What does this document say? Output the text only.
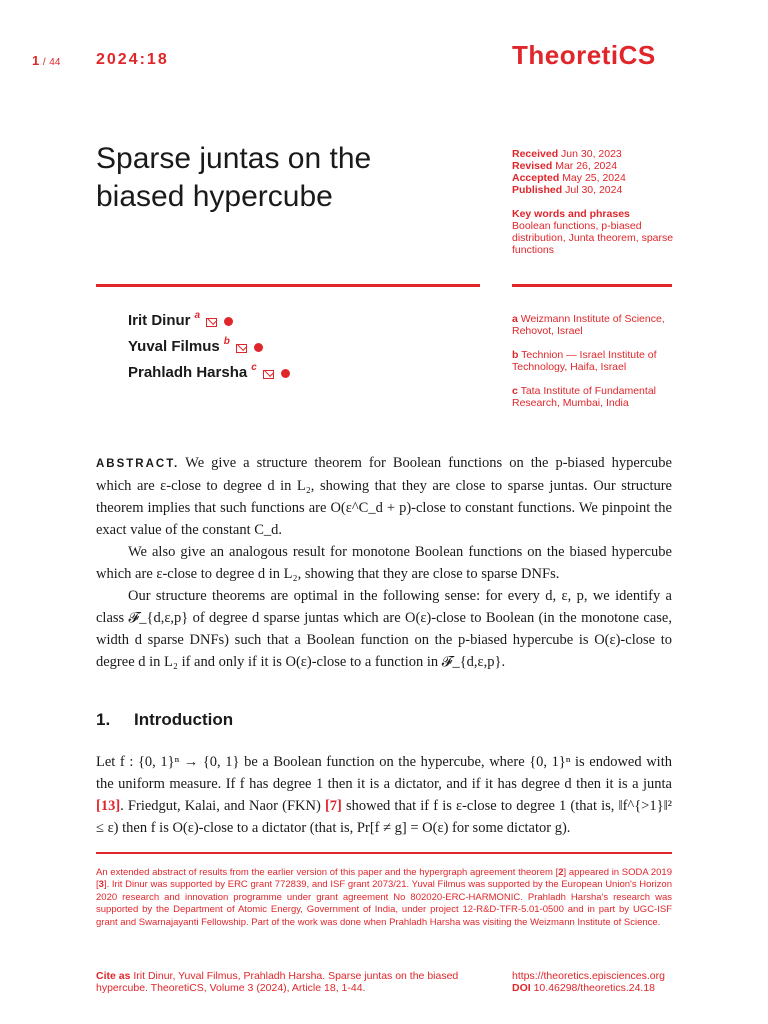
1 / 44 2024:18	TheoretiCS
Sparse juntas on the biased hypercube
Received Jun 30, 2023
Revised Mar 26, 2024
Accepted May 25, 2024
Published Jul 30, 2024
Key words and phrases
Boolean functions, p-biased distribution, Junta theorem, sparse functions
Irit Dinur a
Yuval Filmus b
Prahladh Harsha c
a Weizmann Institute of Science, Rehovot, Israel
b Technion — Israel Institute of Technology, Haifa, Israel
c Tata Institute of Fundamental Research, Mumbai, India

ABSTRACT. We give a structure theorem for Boolean functions on the p-biased hypercube which are ε-close to degree d in L₂, showing that they are close to sparse juntas. Our structure theorem implies that such functions are O(ε^C_d + p)-close to constant functions. We pinpoint the exact value of the constant C_d.

We also give an analogous result for monotone Boolean functions on the biased hypercube which are ε-close to degree d in L₂, showing that they are close to sparse DNFs.

Our structure theorems are optimal in the following sense: for every d, ε, p, we identify a class 𝓕_{d,ε,p} of degree d sparse juntas which are O(ε)-close to Boolean (in the monotone case, width d sparse DNFs) such that a Boolean function on the p-biased hypercube is O(ε)-close to degree d in L₂ if and only if it is O(ε)-close to a function in 𝓕_{d,ε,p}.

1. Introduction

Let f : {0, 1}ⁿ → {0, 1} be a Boolean function on the hypercube, where {0, 1}ⁿ is endowed with the uniform measure. If f has degree 1 then it is a dictator, and if it has degree d then it is a junta [13]. Friedgut, Kalai, and Naor (FKN) [7] showed that if f is ε-close to degree 1 (that is, ‖f^{>1}‖² ≤ ε) then f is O(ε)-close to a dictator (that is, Pr[f ≠ g] = O(ε) for some dictator g).

An extended abstract of results from the earlier version of this paper and the hypergraph agreement theorem [2] appeared in SODA 2019 [3]. Irit Dinur was supported by ERC grant 772839, and ISF grant 2073/21. Yuval Filmus was supported by the European Union's Horizon 2020 research and innovation programme under grant agreement No 802020-ERC-HARMONIC. Prahladh Harsha's research was supported by the Department of Atomic Energy, Government of India, under project 12-R&D-TFR-5.01-0500 and in part by UGC-ISF grant and Swarnajayanti Fellowship. Part of the work was done when Prahladh Harsha was visiting the Weizmann Institute of Science.
Cite as Irit Dinur, Yuval Filmus, Prahladh Harsha. Sparse juntas on the biased hypercube. TheoretiCS, Volume 3 (2024), Article 18, 1-44.
https://theoretics.episciences.org
DOI 10.46298/theoretics.24.18
